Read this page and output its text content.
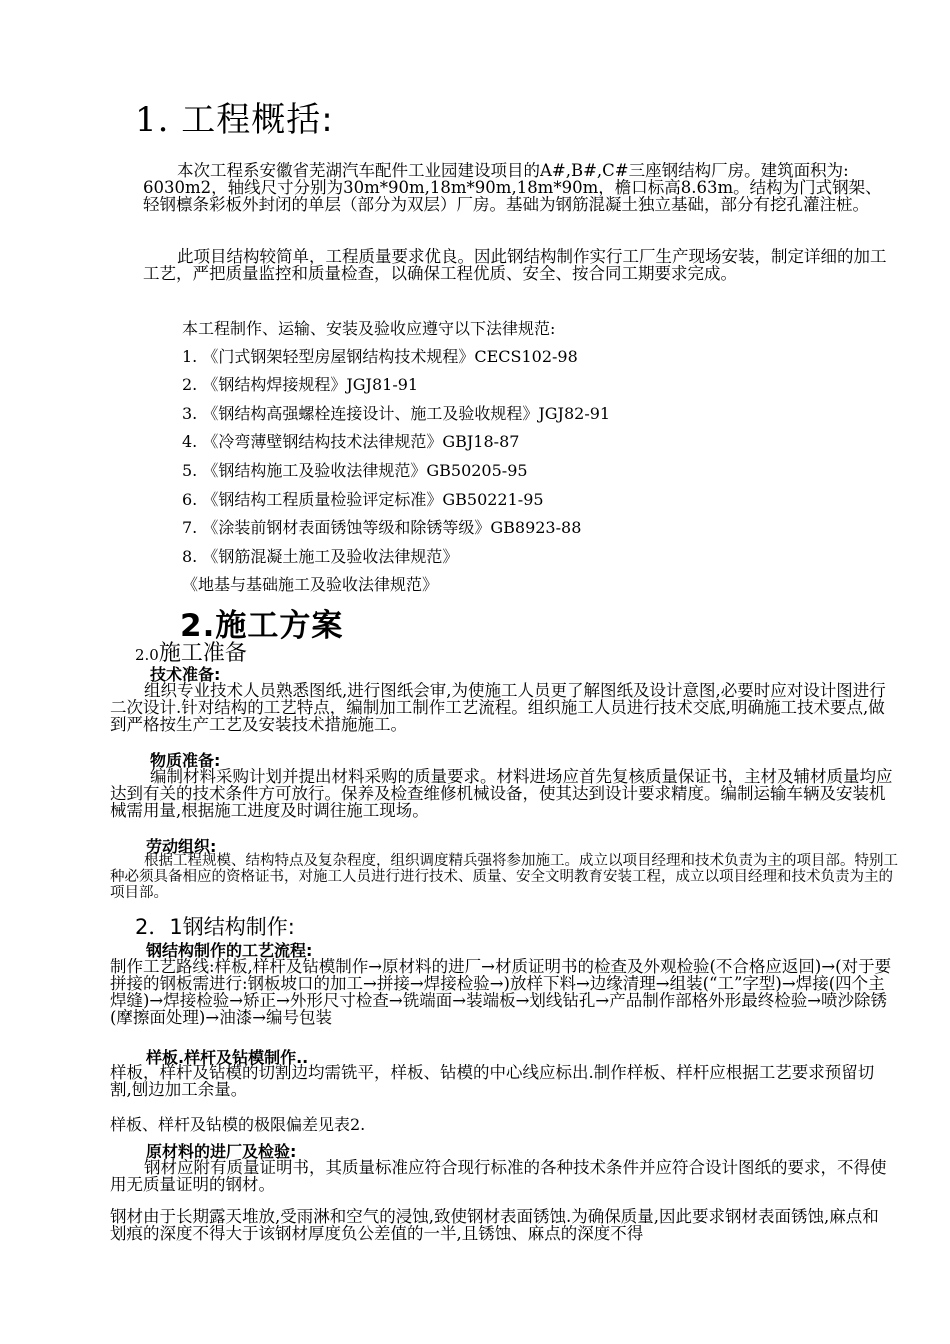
1. 工程概括:
本次工程系安徽省芜湖汽车配件工业园建设项目的A#,B#,C#三座钢结构厂房。建筑面积为: 6030m2，轴线尺寸分别为30m*90m,18m*90m,18m*90m，檐口标高8.63m。结构为门式钢架、轻钢檩条彩板外封闭的单层（部分为双层）厂房。基础为钢筋混凝土独立基础，部分有挖孔灌注桩。
此项目结构较简单，工程质量要求优良。因此钢结构制作实行工厂生产现场安装，制定详细的加工工艺，严把质量监控和质量检查，以确保工程优质、安全、按合同工期要求完成。
本工程制作、运输、安装及验收应遵守以下法律规范:
1. 《门式钢架轻型房屋钢结构技术规程》CECS102-98
2. 《钢结构焊接规程》JGJ81-91
3. 《钢结构高强螺栓连接设计、施工及验收规程》JGJ82-91
4. 《冷弯薄壁钢结构技术法律规范》GBJ18-87
5. 《钢结构施工及验收法律规范》GB50205-95
6. 《钢结构工程质量检验评定标准》GB50221-95
7. 《涂装前钢材表面锈蚀等级和除锈等级》GB8923-88
8. 《钢筋混凝土施工及验收法律规范》
《地基与基础施工及验收法律规范》
2.施工方案
2.0施工准备
技术准备:
组织专业技术人员熟悉图纸,进行图纸会审,为使施工人员更了解图纸及设计意图,必要时应对设计图进行二次设计.针对结构的工艺特点，编制加工制作工艺流程。组织施工人员进行技术交底,明确施工技术要点,做到严格按生产工艺及安装技术措施施工。
物质准备:
编制材料采购计划并提出材料采购的质量要求。材料进场应首先复核质量保证书，主材及辅材质量均应达到有关的技术条件方可放行。保养及检查维修机械设备，使其达到设计要求精度。编制运输车辆及安装机械需用量,根据施工进度及时调往施工现场。
劳动组织:
根据工程规模、结构特点及复杂程度，组织调度精兵强将参加施工。成立以项目经理和技术负责为主的项目部。特别工种必须具备相应的资格证书，对施工人员进行进行技术、质量、安全文明教育安装工程，成立以项目经理和技术负责为主的项目部。
2．1钢结构制作:
钢结构制作的工艺流程:
制作工艺路线:样板,样杆及钻模制作→原材料的进厂→材质证明书的检查及外观检验(不合格应返回)→(对于要拼接的钢板需进行:钢板坡口的加工→拼接→焊接检验→)放样下料→边缘清理→组装(“工”字型)→焊接(四个主焊缝)→焊接检验→矫正→外形尺寸检查→铣端面→装端板→划线钻孔→产品制作部格外形最终检验→喷沙除锈(摩擦面处理)→油漆→编号包装
样板.样杆及钻模制作..
样板，样杆及钻模的切割边均需铣平，样板、钻模的中心线应标出.制作样板、样杆应根据工艺要求预留切割,刨边加工余量。
样板、样杆及钻模的极限偏差见表2.
原材料的进厂及检验:
钢材应附有质量证明书，其质量标准应符合现行标准的各种技术条件并应符合设计图纸的要求，不得使用无质量证明的钢材。
钢材由于长期露天堆放,受雨淋和空气的浸蚀,致使钢材表面锈蚀.为确保质量,因此要求钢材表面锈蚀,麻点和划痕的深度不得大于该钢材厚度负公差值的一半,且锈蚀、麻点的深度不得
